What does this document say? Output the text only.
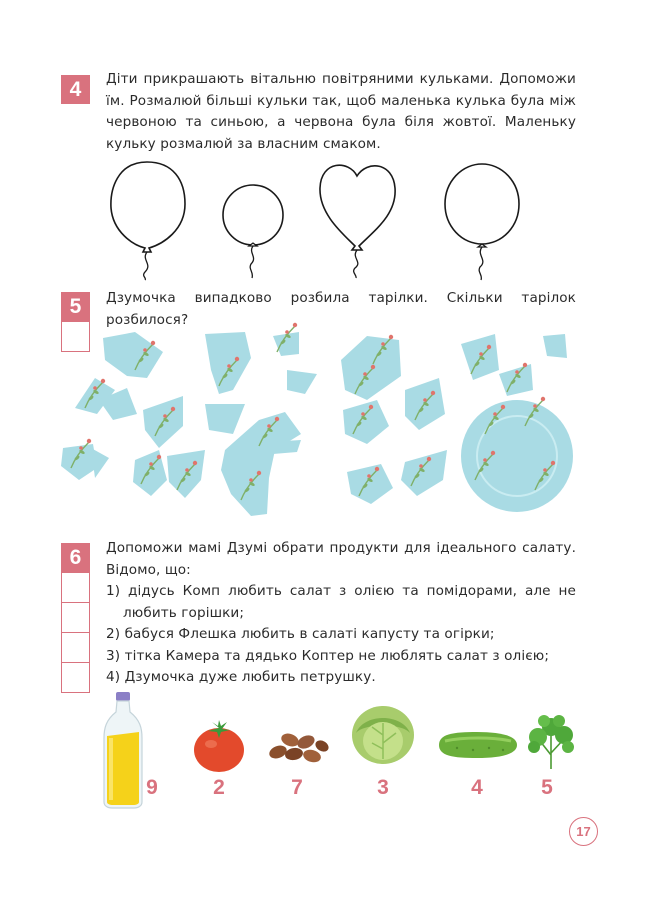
4	Діти прикрашають вітальню повітряними кульками. Допоможи їм. Розмалюй більші кульки так, щоб маленька кулька була між червоною та синьою, а червона була біля жовтої. Маленьку кульку розмалюй за власним смаком.

5	Дзумочка випадково розбила тарілки. Скільки тарілок розбилося?

6	Допоможи мамі Дзумі обрати продукти для ідеального салату. Відомо, що:

1) дідусь Комп любить салат з олією та помідорами, але не любить горішки;
2) бабуся Флешка любить в салаті капусту та огірки;
3) тітка Камера та дядько Коптер не люблять салат з олією;
4) Дзумочка дуже любить петрушку.
9	2	7	3	4	5
17
